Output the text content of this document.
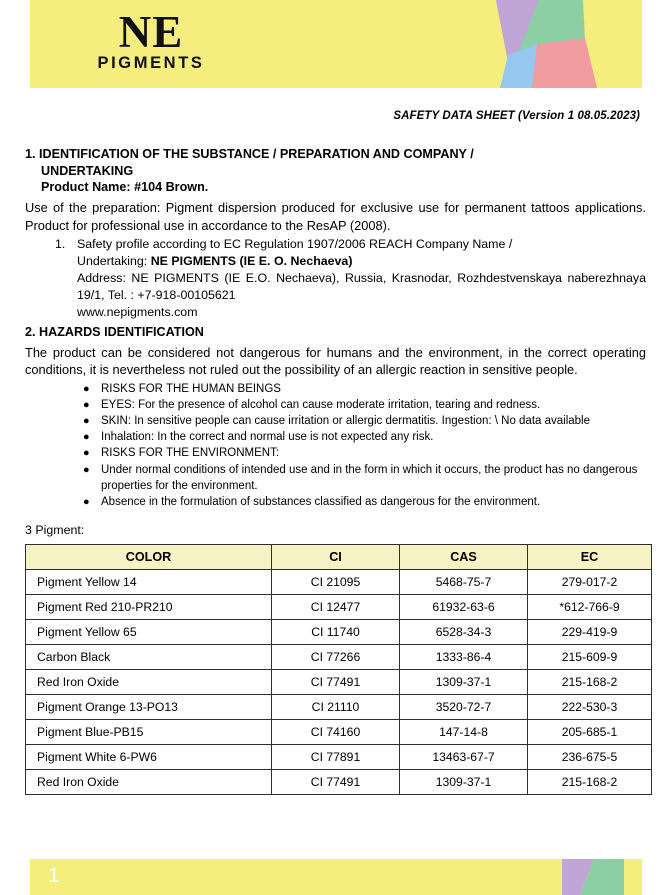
NE
PIGMENTS
SAFETY DATA SHEET (Version 1 08.05.2023)
1. IDENTIFICATION OF THE SUBSTANCE / PREPARATION AND COMPANY /
UNDERTAKING
Product Name: #104 Brown.
Use of the preparation: Pigment dispersion produced for exclusive use for permanent tattoos applications. Product for professional use in accordance to the ResAP (2008).
1. Safety profile according to EC Regulation 1907/2006 REACH Company Name /
Undertaking: NE PIGMENTS (IE E. O. Nechaeva)
Address: NE PIGMENTS (IE E.O. Nechaeva), Russia, Krasnodar, Rozhdestvenskaya naberezhnaya 19/1, Tel. : +7-918-00105621
www.nepigments.com
2. HAZARDS IDENTIFICATION
The product can be considered not dangerous for humans and the environment, in the correct operating conditions, it is nevertheless not ruled out the possibility of an allergic reaction in sensitive people.
● RISKS FOR THE HUMAN BEINGS
● EYES: For the presence of alcohol can cause moderate irritation, tearing and redness.
● SKIN: In sensitive people can cause irritation or allergic dermatitis. Ingestion: \ No data available
● Inhalation: In the correct and normal use is not expected any risk.
● RISKS FOR THE ENVIRONMENT:
● Under normal conditions of intended use and in the form in which it occurs, the product has no dangerous properties for the environment.
● Absence in the formulation of substances classified as dangerous for the environment.
3 Pigment:
COLOR	CI	CAS	EC
Pigment Yellow 14	CI 21095	5468-75-7	279-017-2
Pigment Red 210-PR210	CI 12477	61932-63-6	*612-766-9
Pigment Yellow 65	CI 11740	6528-34-3	229-419-9
Carbon Black	CI 77266	1333-86-4	215-609-9
Red Iron Oxide	CI 77491	1309-37-1	215-168-2
Pigment Orange 13-PO13	CI 21110	3520-72-7	222-530-3
Pigment Blue-PB15	CI 74160	147-14-8	205-685-1
Pigment White 6-PW6	CI 77891	13463-67-7	236-675-5
Red Iron Oxide	CI 77491	1309-37-1	215-168-2
1
